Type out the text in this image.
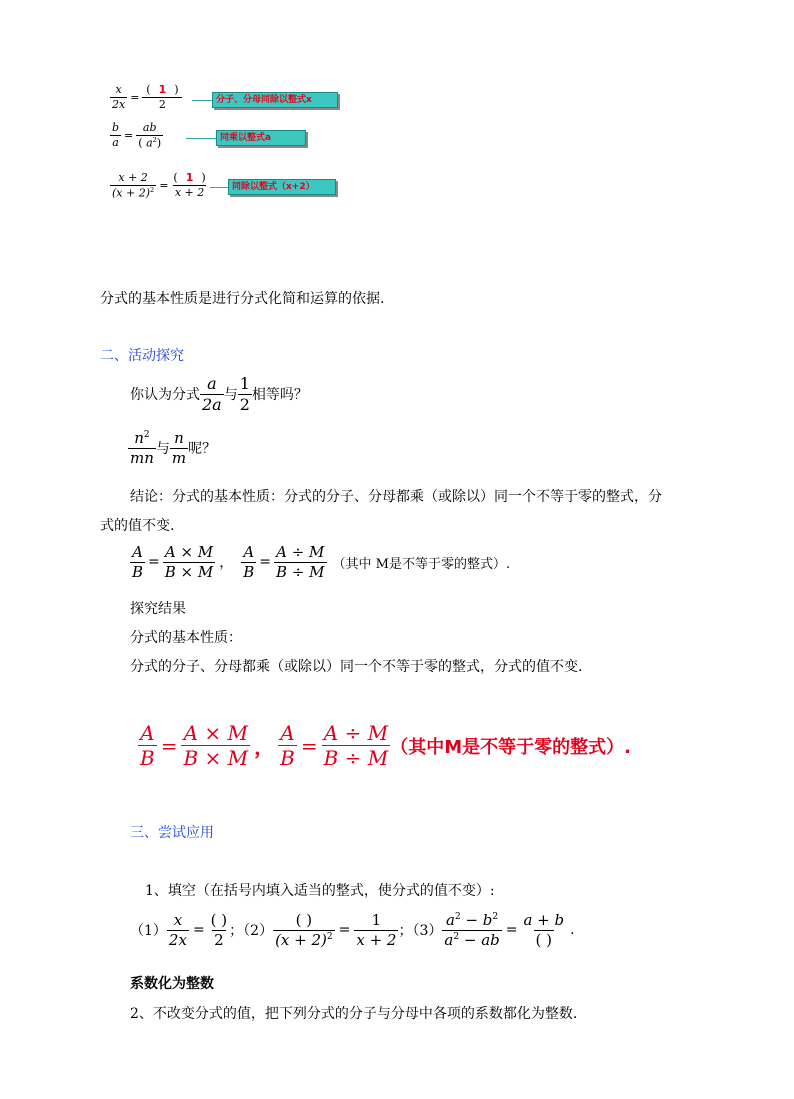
$\frac{x}{2x} = \frac{( 1 )}{2}$	分子、分母同除以整式x
$\frac{b}{a} = \frac{ab}{( a^2)}$	同乘以整式a
$\frac{x + 2}{(x + 2)^2} = \frac{( 1 )}{x + 2}$	同除以整式（x+2）
分式的基本性质是进行分式化简和运算的依据.
二、活动探究
你认为分式 $\frac{a}{2a}$ 与 $\frac{1}{2}$ 相等吗？
$\frac{n^2}{mn}$ 与 $\frac{n}{m}$ 呢？
结论：分式的基本性质：分式的分子、分母都乘（或除以）同一个不等于零的整式，分
式的值不变.
$\frac{A}{B} = \frac{A \times M}{B \times M}$ ， $\frac{A}{B} = \frac{A \div M}{B \div M}$ （其中 M是不等于零的整式）.
探究结果
分式的基本性质：
分式的分子、分母都乘（或除以）同一个不等于零的整式，分式的值不变.
$\frac{A}{B} = \frac{A \times M}{B \times M}$ ， $\frac{A}{B} = \frac{A \div M}{B \div M}$ （其中M是不等于零的整式）.
三、尝试应用
1、填空（在括号内填入适当的整式，使分式的值不变）:
$(1) \frac{x}{2x} = \frac{( )}{2}$ ；$(2) \frac{( )}{(x + 2)^2} = \frac{1}{x + 2}$ ；$(3) \frac{a^2 - b^2}{a^2 - ab} = \frac{a + b}{( )}$ .
系数化为整数
2、不改变分式的值，把下列分式的分子与分母中各项的系数都化为整数.
